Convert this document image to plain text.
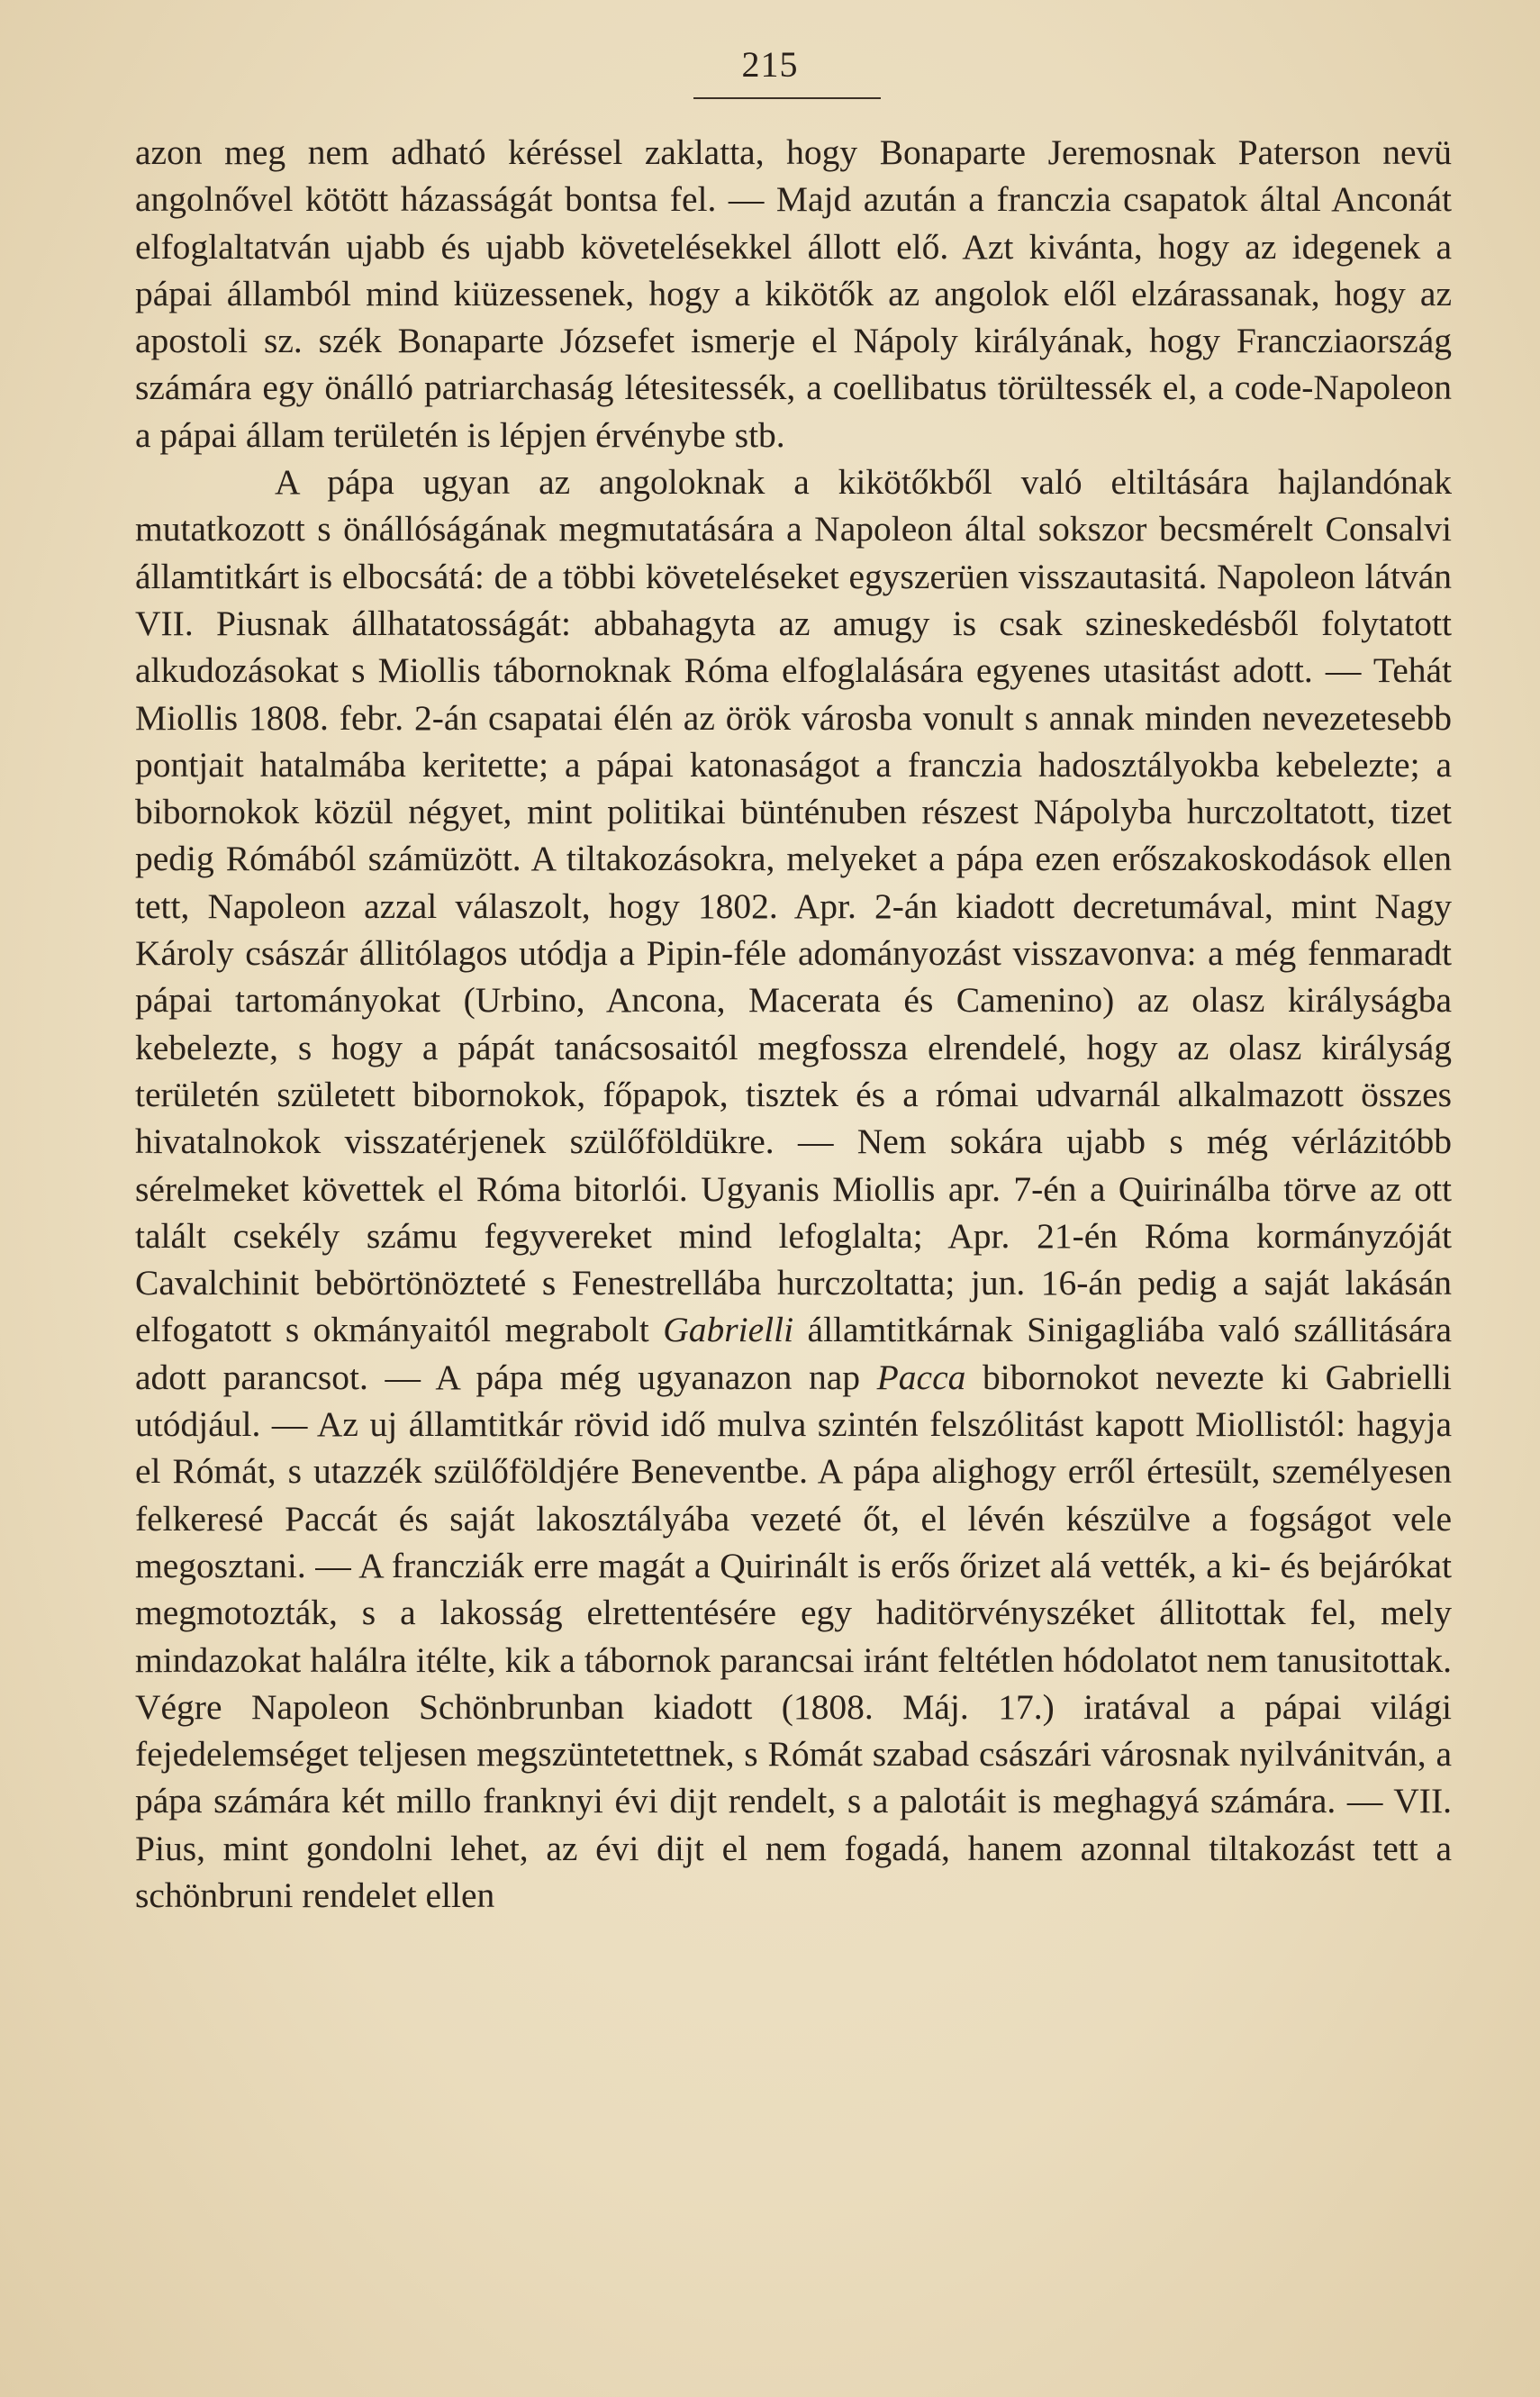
215

azon meg nem adható kéréssel zaklatta, hogy Bonaparte Jeremosnak Paterson nevü angolnővel kötött házasságát bontsa fel. — Majd azután a franczia csapatok által Anconát elfoglaltatván ujabb és ujabb követelésekkel állott elő. Azt kivánta, hogy az idegenek a pápai államból mind kiüzessenek, hogy a kikötők az angolok elől elzárassanak, hogy az apostoli sz. szék Bonaparte Józsefet ismerje el Nápoly királyának, hogy Francziaország számára egy önálló patriarchaság létesitessék, a coellibatus törültessék el, a code-Napoleon a pápai állam területén is lépjen érvénybe stb.

A pápa ugyan az angoloknak a kikötőkből való eltiltására hajlandónak mutatkozott s önállóságának megmutatására a Napoleon által sokszor becsmérelt Consalvi államtitkárt is elbocsátá: de a többi követeléseket egyszerüen visszautasitá. Napoleon látván VII. Piusnak állhatatosságát: abbahagyta az amugy is csak szineskedésből folytatott alkudozásokat s Miollis tábornoknak Róma elfoglalására egyenes utasitást adott. — Tehát Miollis 1808. febr. 2-án csapatai élén az örök városba vonult s annak minden nevezetesebb pontjait hatalmába keritette; a pápai katonaságot a franczia hadosztályokba kebelezte; a bibornokok közül négyet, mint politikai bünténuben részest Nápolyba hurczoltatott, tizet pedig Rómából számüzött. A tiltakozásokra, melyeket a pápa ezen erőszakoskodások ellen tett, Napoleon azzal válaszolt, hogy 1802. Apr. 2-án kiadott decretumával, mint Nagy Károly császár állitólagos utódja a Pipin-féle adományozást visszavonva: a még fenmaradt pápai tartományokat (Urbino, Ancona, Macerata és Camenino) az olasz királyságba kebelezte, s hogy a pápát tanácsosaitól megfossza elrendelé, hogy az olasz királyság területén született bibornokok, főpapok, tisztek és a római udvarnál alkalmazott összes hivatalnokok visszatérjenek szülőföldükre. — Nem sokára ujabb s még vérlázitóbb sérelmeket követtek el Róma bitorlói. Ugyanis Miollis apr. 7-én a Quirinálba törve az ott talált csekély számu fegyvereket mind lefoglalta; Apr. 21-én Róma kormányzóját Cavalchinit bebörtönözteté s Fenestrellába hurczoltatta; jun. 16-án pedig a saját lakásán elfogatott s okmányaitól megrabolt Gabrielli államtitkárnak Sinigagliába való szállitására adott parancsot. — A pápa még ugyanazon nap Pacca bibornokot nevezte ki Gabrielli utódjául. — Az uj államtitkár rövid idő mulva szintén felszólitást kapott Miollistól: hagyja el Rómát, s utazzék szülőföldjére Beneventbe. A pápa alighogy erről értesült, személyesen felkeresé Paccát és saját lakosztályába vezeté őt, el lévén készülve a fogságot vele megosztani. — A francziák erre magát a Quirinált is erős őrizet alá vették, a ki- és bejárókat megmotozták, s a lakosság elrettentésére egy haditörvényszéket állitottak fel, mely mindazokat halálra itélte, kik a tábornok parancsai iránt feltétlen hódolatot nem tanusitottak. Végre Napoleon Schönbrunban kiadott (1808. Máj. 17.) iratával a pápai világi fejedelemséget teljesen megszüntetettnek, s Rómát szabad császári városnak nyilvánitván, a pápa számára két millo franknyi évi dijt rendelt, s a palotáit is meghagyá számára. — VII. Pius, mint gondolni lehet, az évi dijt el nem fogadá, hanem azonnal tiltakozást tett a schönbruni rendelet ellen
